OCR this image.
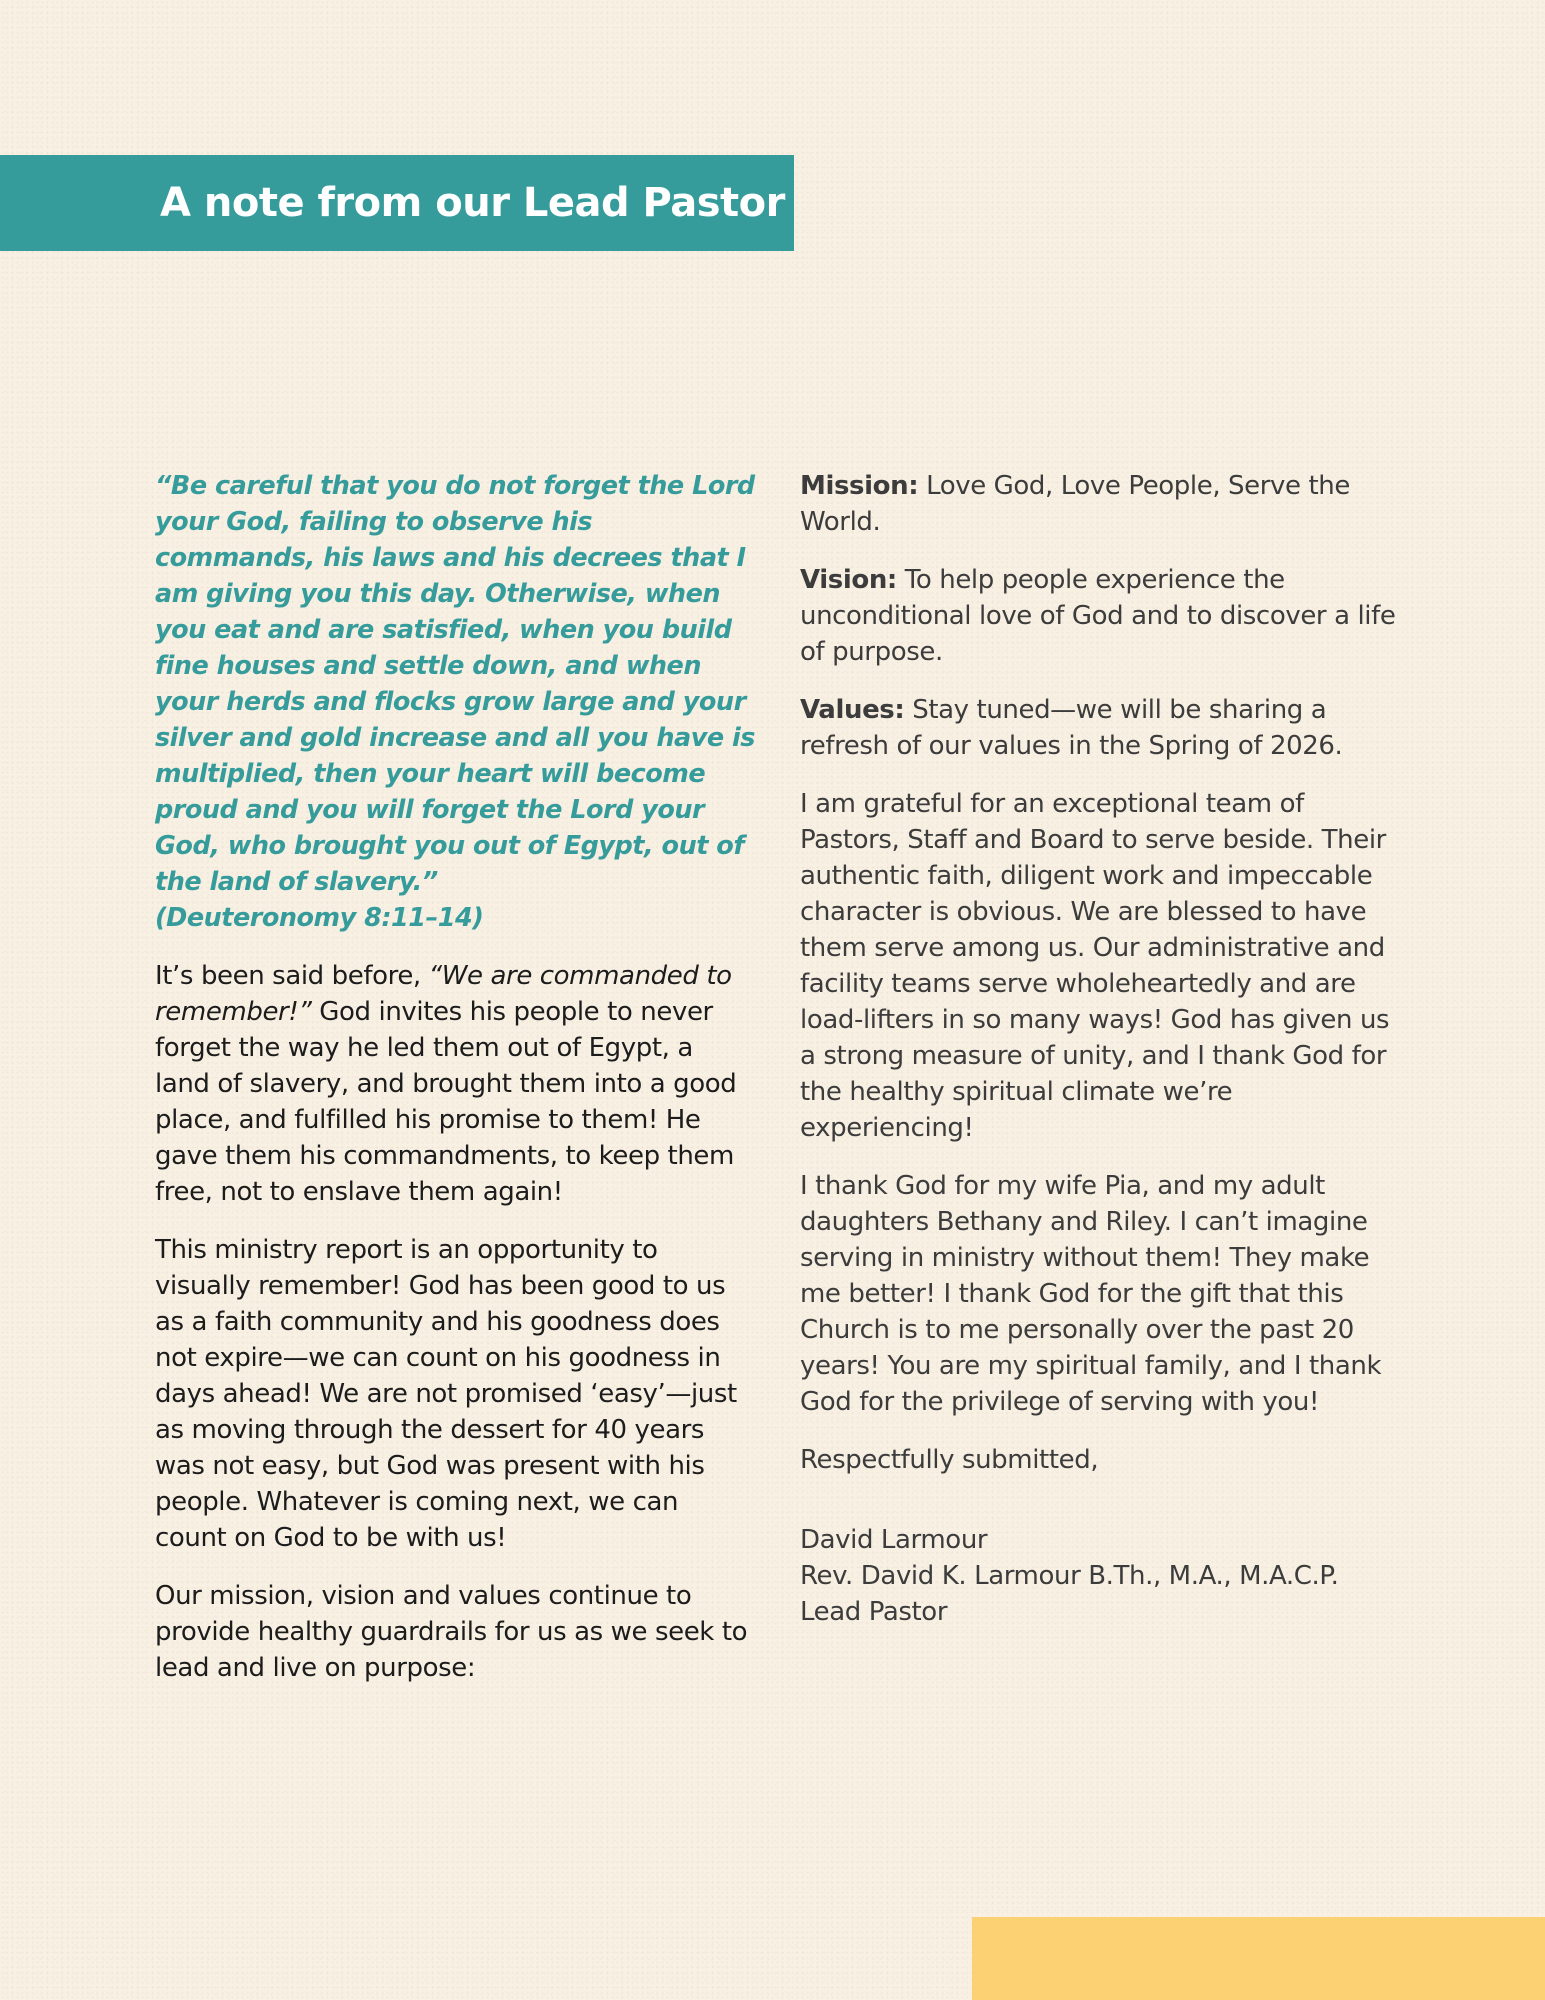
A note from our Lead Pastor

“Be careful that you do not forget the Lord your God, failing to observe his commands, his laws and his decrees that I am giving you this day. Otherwise, when you eat and are satisfied, when you build fine houses and settle down, and when your herds and flocks grow large and your silver and gold increase and all you have is multiplied, then your heart will become proud and you will forget the Lord your God, who brought you out of Egypt, out of the land of slavery.”
(Deuteronomy 8:11–14)

It’s been said before, “We are commanded to remember!” God invites his people to never forget the way he led them out of Egypt, a land of slavery, and brought them into a good place, and fulfilled his promise to them! He gave them his commandments, to keep them free, not to enslave them again!

This ministry report is an opportunity to visually remember! God has been good to us as a faith community and his goodness does not expire—we can count on his goodness in days ahead! We are not promised ‘easy’—just as moving through the dessert for 40 years was not easy, but God was present with his people. Whatever is coming next, we can count on God to be with us!

Our mission, vision and values continue to provide healthy guardrails for us as we seek to lead and live on purpose:

Mission: Love God, Love People, Serve the World.

Vision: To help people experience the unconditional love of God and to discover a life of purpose.

Values: Stay tuned—we will be sharing a refresh of our values in the Spring of 2026.

I am grateful for an exceptional team of Pastors, Staff and Board to serve beside. Their authentic faith, diligent work and impeccable character is obvious. We are blessed to have them serve among us. Our administrative and facility teams serve wholeheartedly and are load-lifters in so many ways! God has given us a strong measure of unity, and I thank God for the healthy spiritual climate we’re experiencing!

I thank God for my wife Pia, and my adult daughters Bethany and Riley. I can’t imagine serving in ministry without them! They make me better! I thank God for the gift that this Church is to me personally over the past 20 years! You are my spiritual family, and I thank God for the privilege of serving with you!

Respectfully submitted,

David Larmour
Rev. David K. Larmour B.Th., M.A., M.A.C.P.
Lead Pastor
